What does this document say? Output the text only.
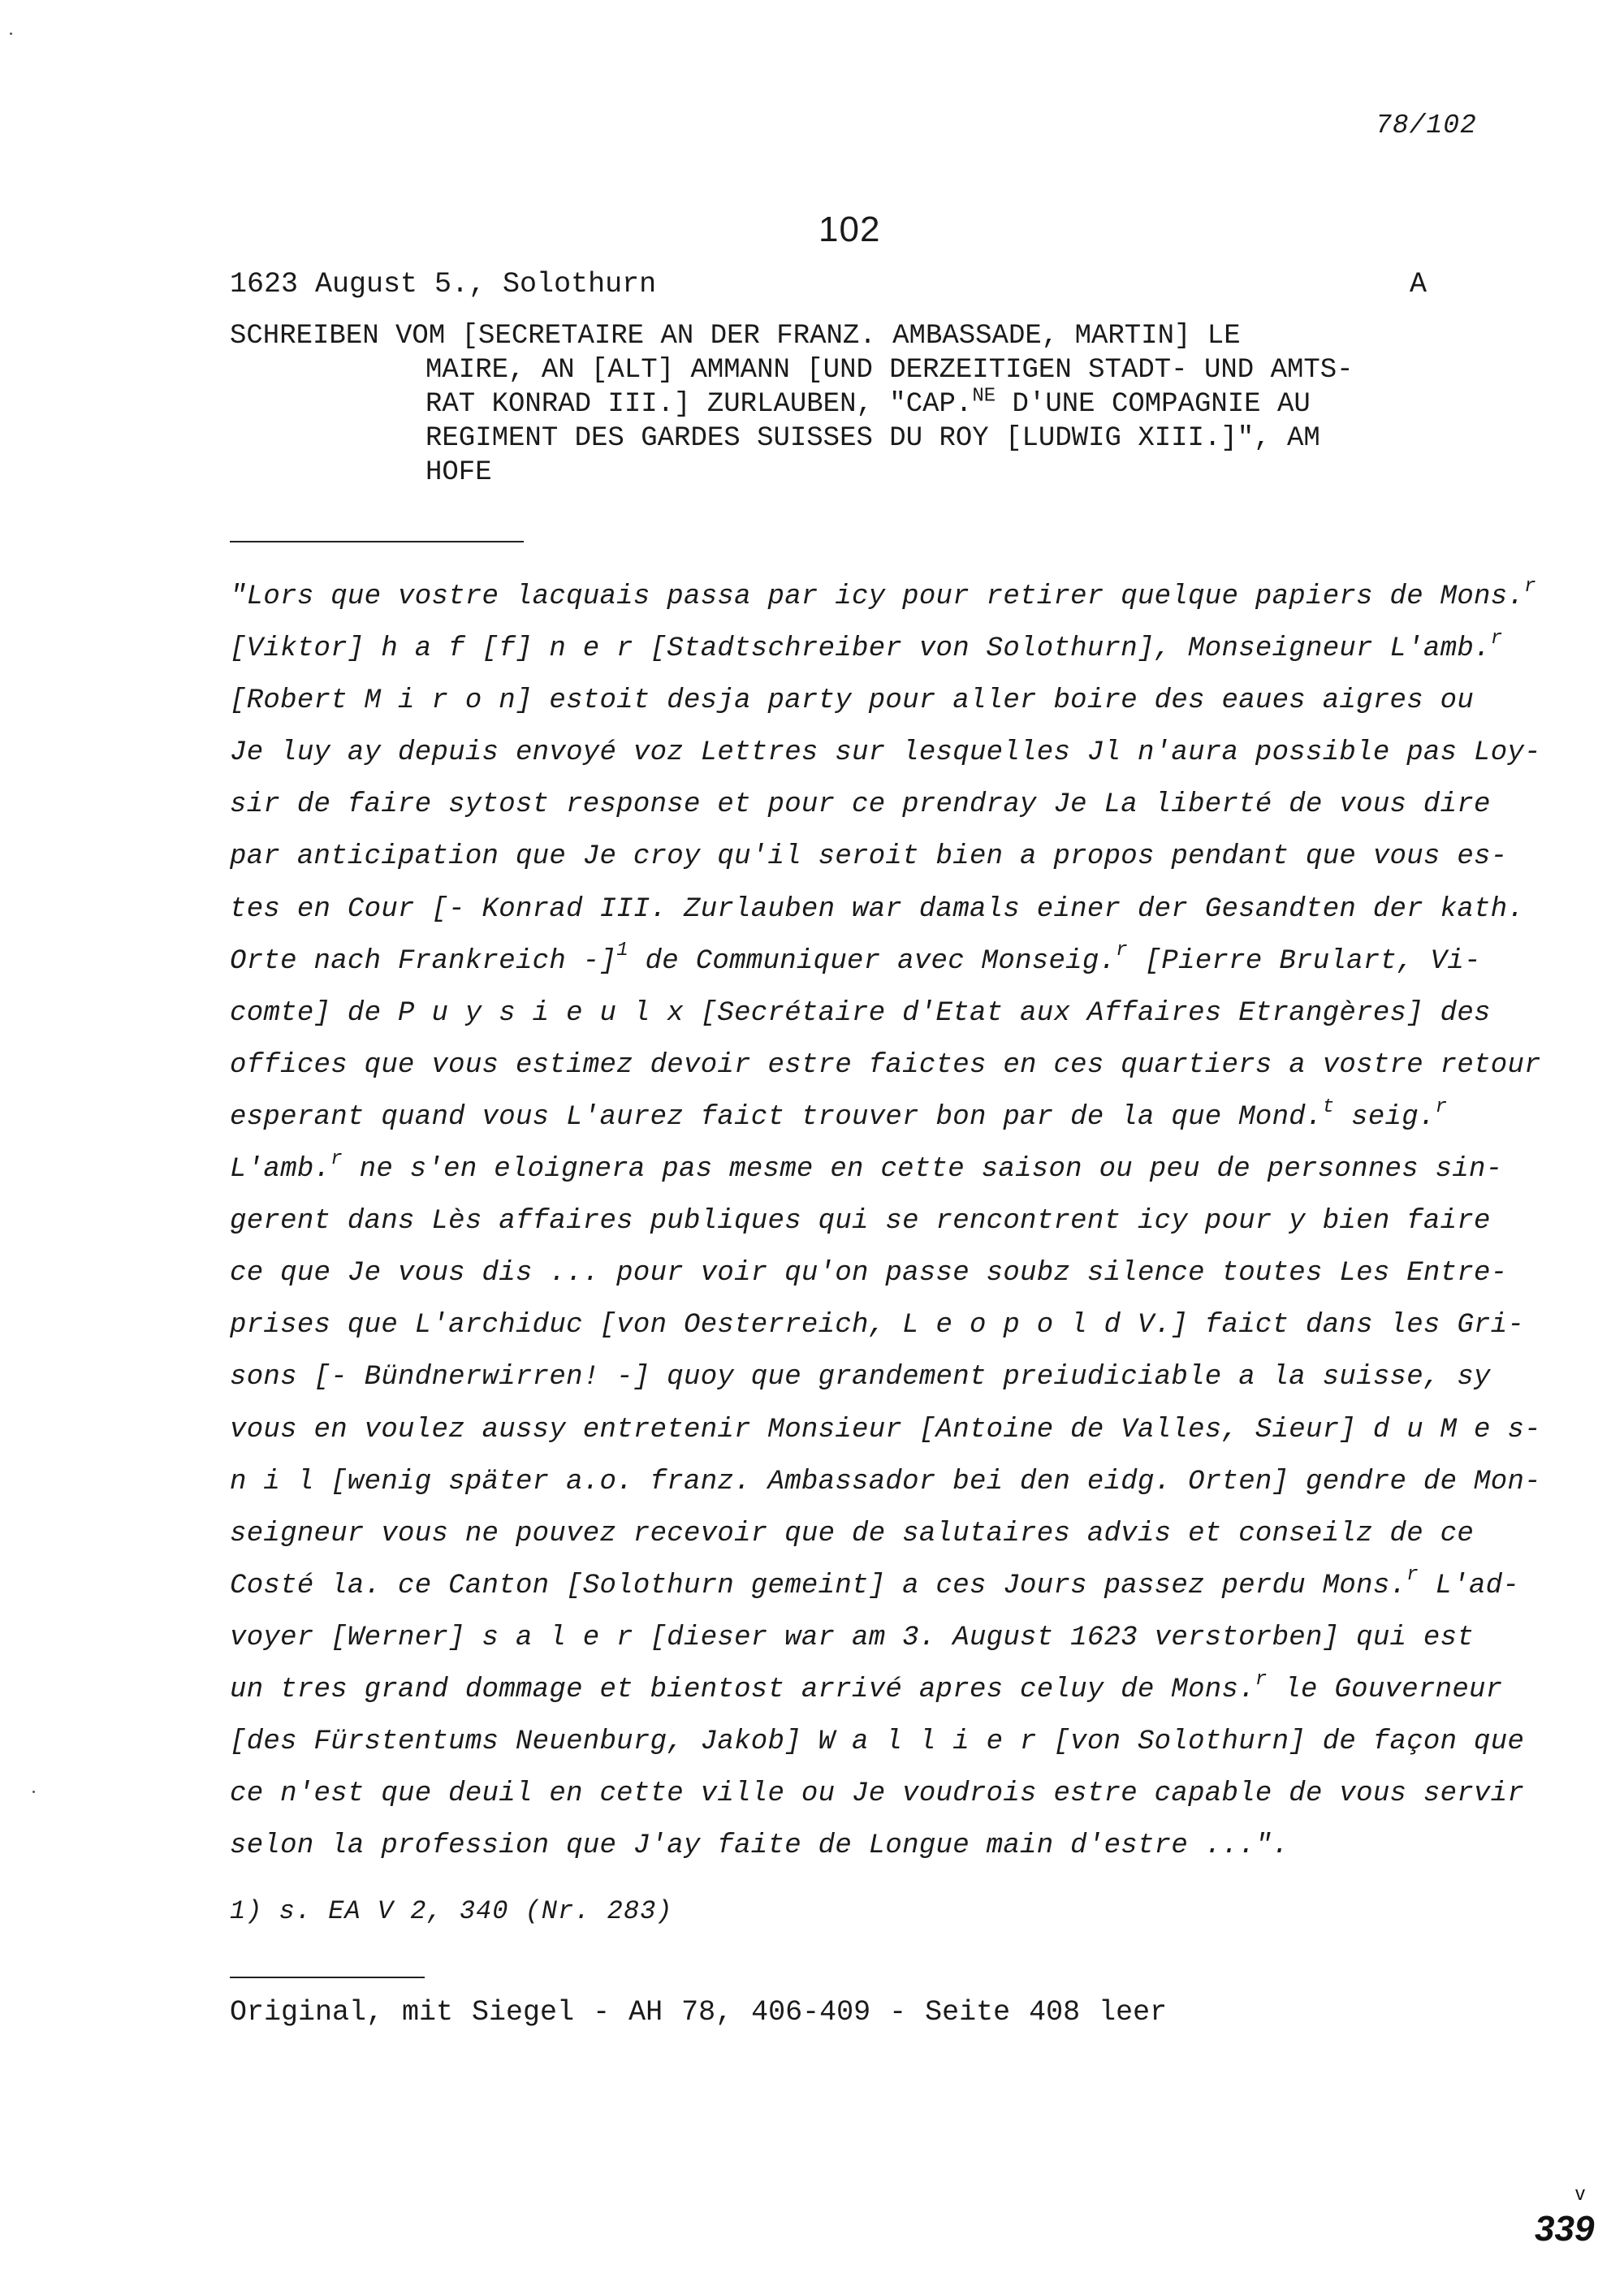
78/102
102
1623 August 5., Solothurn	A
SCHREIBEN VOM [SECRETAIRE AN DER FRANZ. AMBASSADE, MARTIN] LE
MAIRE, AN [ALT] AMMANN [UND DERZEITIGEN STADT- UND AMTS-
RAT KONRAD III.] ZURLAUBEN, "CAP.$^{NE}$ D'UNE COMPAGNIE AU
REGIMENT DES GARDES SUISSES DU ROY [LUDWIG XIII.]", AM
HOFE
"Lors que vostre lacquais passa par icy pour retirer quelque papiers de Mons.$^r$
[Viktor] h a f [f] n e r [Stadtschreiber von Solothurn], Monseigneur L'amb.$^r$
[Robert M i r o n] estoit desja party pour aller boire des eaues aigres ou
Je luy ay depuis envoyé voz Lettres sur lesquelles Jl n'aura possible pas Loy-
sir de faire sytost response et pour ce prendray Je La liberté de vous dire
par anticipation que Je croy qu'il seroit bien a propos pendant que vous es-
tes en Cour [- Konrad III. Zurlauben war damals einer der Gesandten der kath.
Orte nach Frankreich -]$^1$ de Communiquer avec Monseig.$^r$ [Pierre Brulart, Vi-
comte] de P u y s i e u l x [Secrétaire d'Etat aux Affaires Etrangères] des
offices que vous estimez devoir estre faictes en ces quartiers a vostre retour
esperant quand vous L'aurez faict trouver bon par de la que Mond.$^t$ seig.$^r$
L'amb.$^r$ ne s'en eloignera pas mesme en cette saison ou peu de personnes sin-
gerent dans Lès affaires publiques qui se rencontrent icy pour y bien faire
ce que Je vous dis ... pour voir qu'on passe soubz silence toutes Les Entre-
prises que L'archiduc [von Oesterreich, L e o p o l d V.] faict dans les Gri-
sons [- Bündnerwirren! -] quoy que grandement preiudiciable a la suisse, sy
vous en voulez aussy entretenir Monsieur [Antoine de Valles, Sieur] d u M e s-
n i l [wenig später a.o. franz. Ambassador bei den eidg. Orten] gendre de Mon-
seigneur vous ne pouvez recevoir que de salutaires advis et conseilz de ce
Costé la. ce Canton [Solothurn gemeint] a ces Jours passez perdu Mons.$^r$ L'ad-
voyer [Werner] s a l e r [dieser war am 3. August 1623 verstorben] qui est
un tres grand dommage et bientost arrivé apres celuy de Mons.$^r$ le Gouverneur
[des Fürstentums Neuenburg, Jakob] W a l l i e r [von Solothurn] de façon que
ce n'est que deuil en cette ville ou Je voudrois estre capable de vous servir
selon la profession que J'ay faite de Longue main d'estre ...".
1) s. EA V 2, 340 (Nr. 283)
Original, mit Siegel - AH 78, 406-409 - Seite 408 leer
v
339
